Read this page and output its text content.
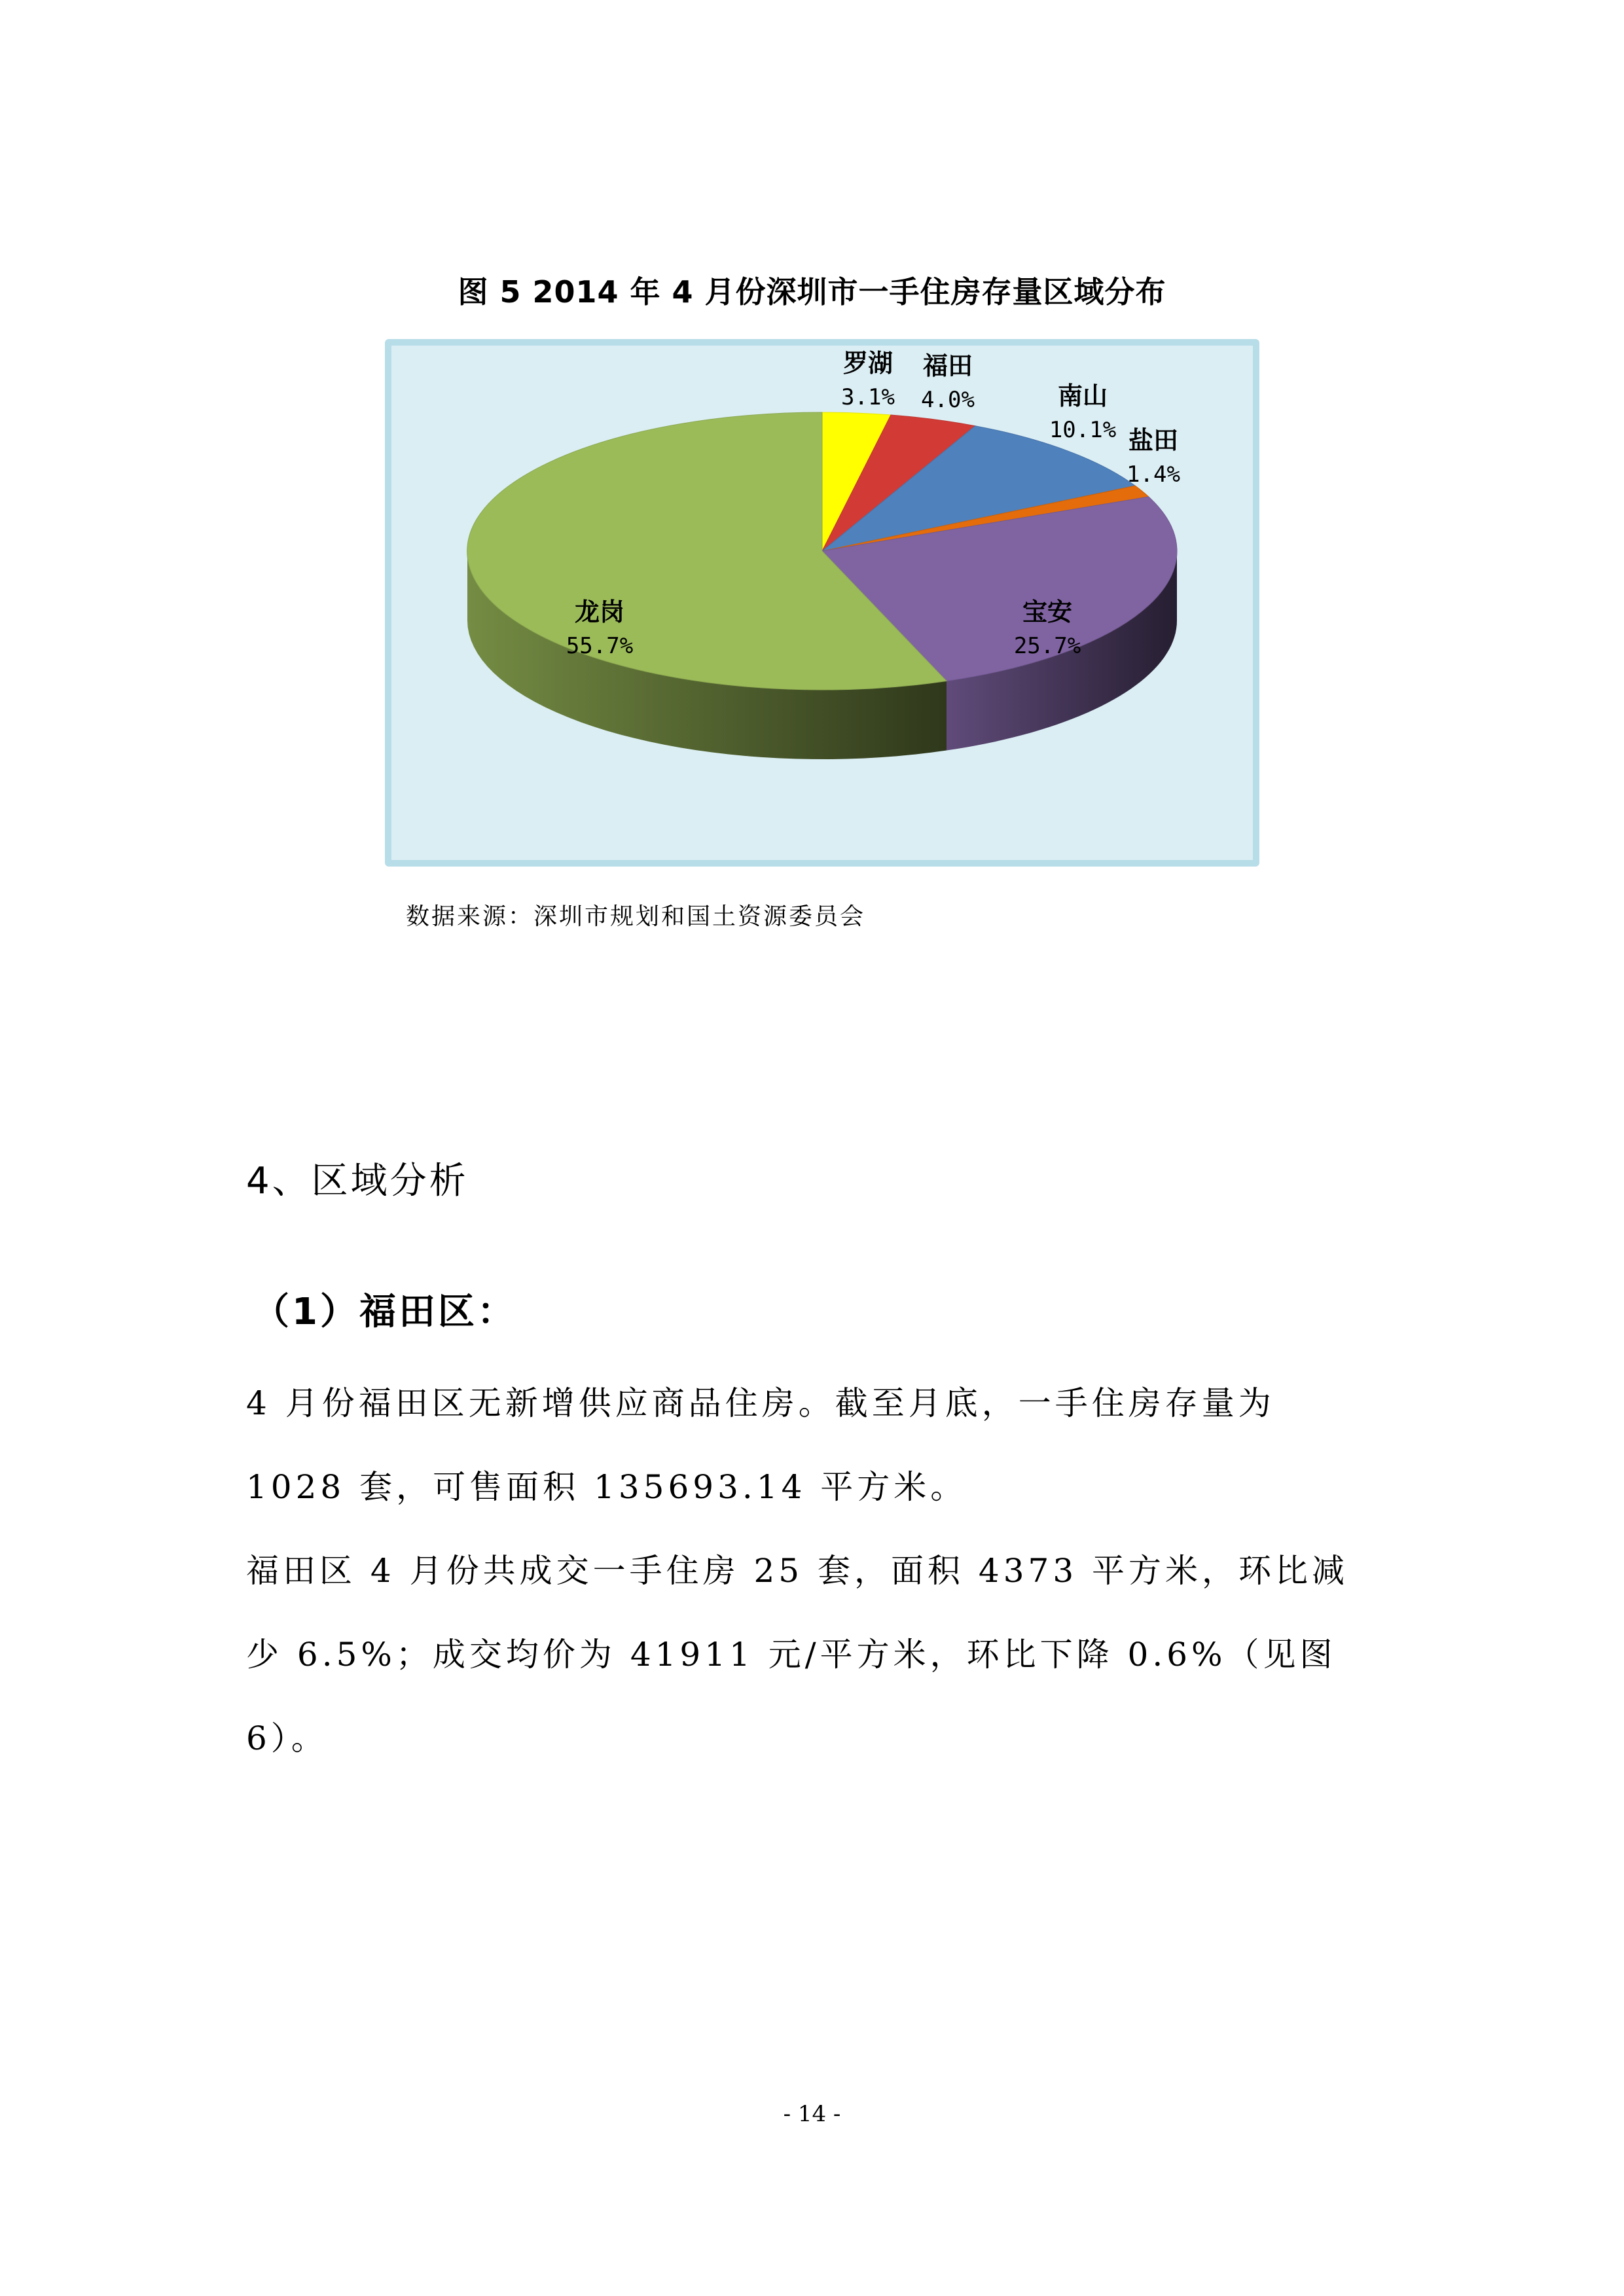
图 5 2014 年 4 月份深圳市一手住房存量区域分布
罗湖
3.1%
福田
4.0%	南山
10.1% 盐田
1.4%
宝安
25.7%
龙岗
55.7%
数据来源：深圳市规划和国土资源委员会
4、区域分析
（1）福田区：
4 月份福田区无新增供应商品住房。截至月底，一手住房存量为 1028 套，可售面积 135693.14 平方米。
福田区 4 月份共成交一手住房 25 套，面积 4373 平方米，环比减少 6.5%；成交均价为 41911 元/平方米，环比下降 0.6%（见图 6）。
- 14 -
